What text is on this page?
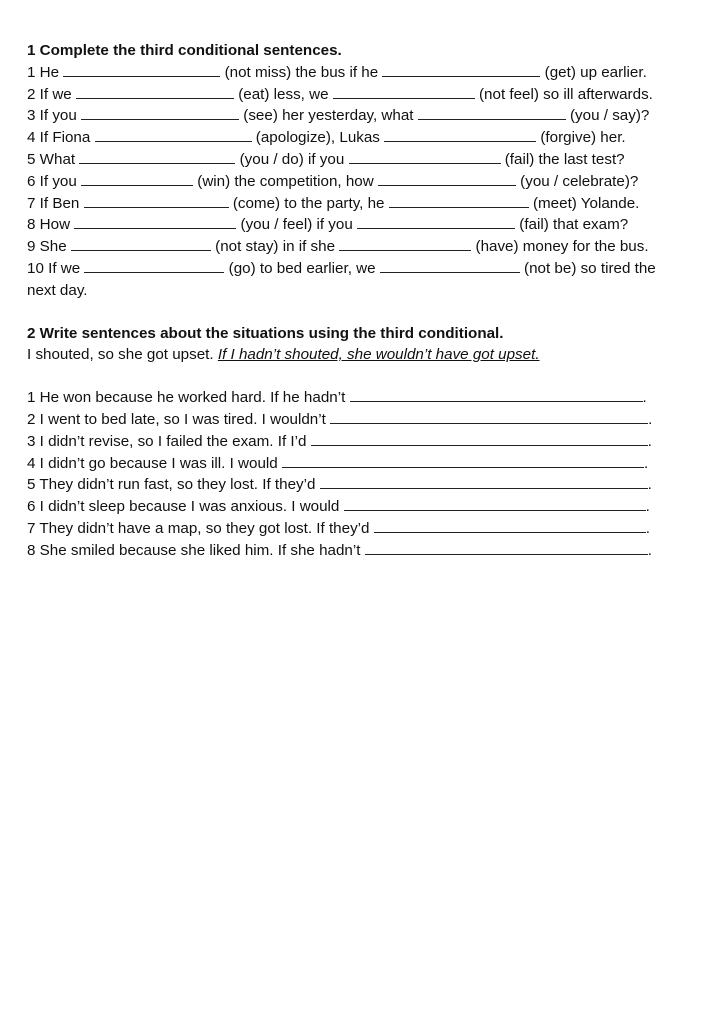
1 Complete the third conditional sentences.
1 He	(not miss) the bus if he	(get) up earlier.
2 If we	(eat) less, we	(not feel) so ill afterwards.
3 If you	(see) her yesterday, what	(you / say)?
4 If Fiona	(apologize), Lukas	(forgive) her.
5 What	(you / do) if you	(fail) the last test?
6 If you	(win) the competition, how	(you / celebrate)?
7 If Ben	(come) to the party, he	(meet) Yolande.
8 How	(you / feel) if you	(fail) that exam?
9 She	(not stay) in if she	(have) money for the bus.
10 If we	(go) to bed earlier, we	(not be) so tired the
next day.
2 Write sentences about the situations using the third conditional.
I shouted, so she got upset. If I hadn’t shouted, she wouldn’t have got upset.
1 He won because he worked hard. If he hadn’t	.
2 I went to bed late, so I was tired. I wouldn’t	.
3 I didn’t revise, so I failed the exam. If I’d	.
4 I didn’t go because I was ill. I would	.
5 They didn’t run fast, so they lost. If they’d	.
6 I didn’t sleep because I was anxious. I would	.
7 They didn’t have a map, so they got lost. If they’d	.
8 She smiled because she liked him. If she hadn’t	.
